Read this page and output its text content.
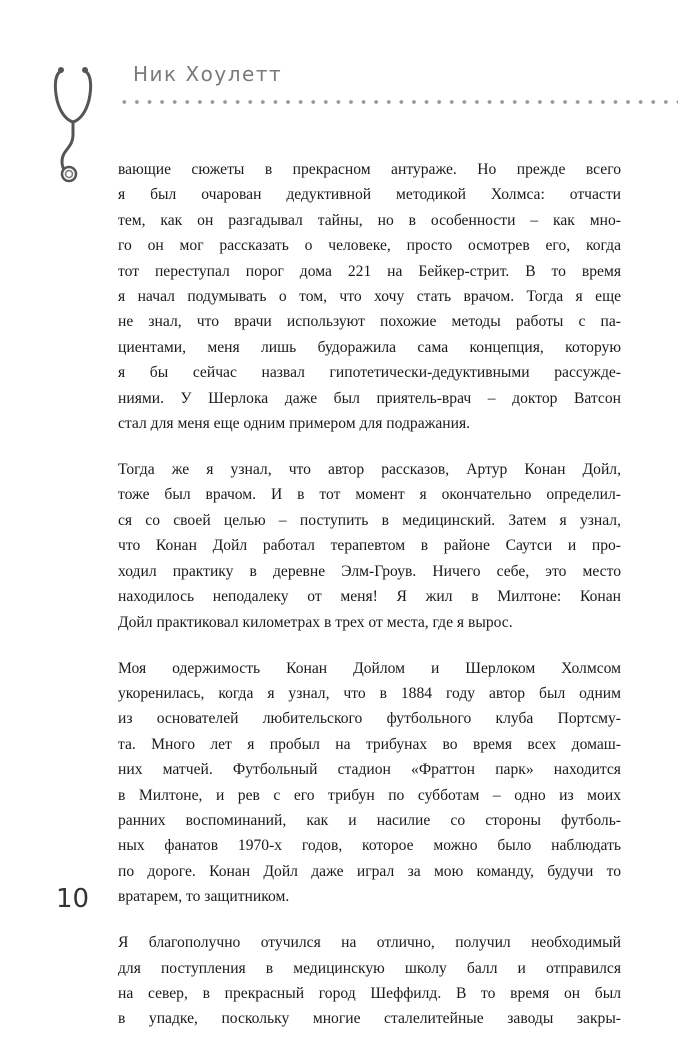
Ник Хоулетт

вающие сюжеты в прекрасном антураже. Но прежде всего

я был очарован дедуктивной методикой Холмса: отчасти

тем, как он разгадывал тайны, но в особенности – как мно-

го он мог рассказать о человеке, просто осмотрев его, когда

тот переступал порог дома 221 на Бейкер-стрит. В то время

я начал подумывать о том, что хочу стать врачом. Тогда я еще

не знал, что врачи используют похожие методы работы с па-

циентами, меня лишь будоражила сама концепция, которую

я бы сейчас назвал гипотетически-дедуктивными рассужде-

ниями. У Шерлока даже был приятель-врач – доктор Ватсон

стал для меня еще одним примером для подражания.

Тогда же я узнал, что автор рассказов, Артур Конан Дойл,

тоже был врачом. И в тот момент я окончательно определил-

ся со своей целью – поступить в медицинский. Затем я узнал,

что Конан Дойл работал терапевтом в районе Саутси и про-

ходил практику в деревне Элм-Гроув. Ничего себе, это место

находилось неподалеку от меня! Я жил в Милтоне: Конан

Дойл практиковал километрах в трех от места, где я вырос.

Моя одержимость Конан Дойлом и Шерлоком Холмсом

укоренилась, когда я узнал, что в 1884 году автор был одним

из основателей любительского футбольного клуба Портсму-

та. Много лет я пробыл на трибунах во время всех домаш-

них матчей. Футбольный стадион «Фраттон парк» находится

в Милтоне, и рев с его трибун по субботам – одно из моих

ранних воспоминаний, как и насилие со стороны футболь-

ных фанатов 1970-х годов, которое можно было наблюдать

по дороге. Конан Дойл даже играл за мою команду, будучи то

вратарем, то защитником.

Я благополучно отучился на отлично, получил необходимый

для поступления в медицинскую школу балл и отправился

на север, в прекрасный город Шеффилд. В то время он был

в упадке, поскольку многие сталелитейные заводы закры-

10
